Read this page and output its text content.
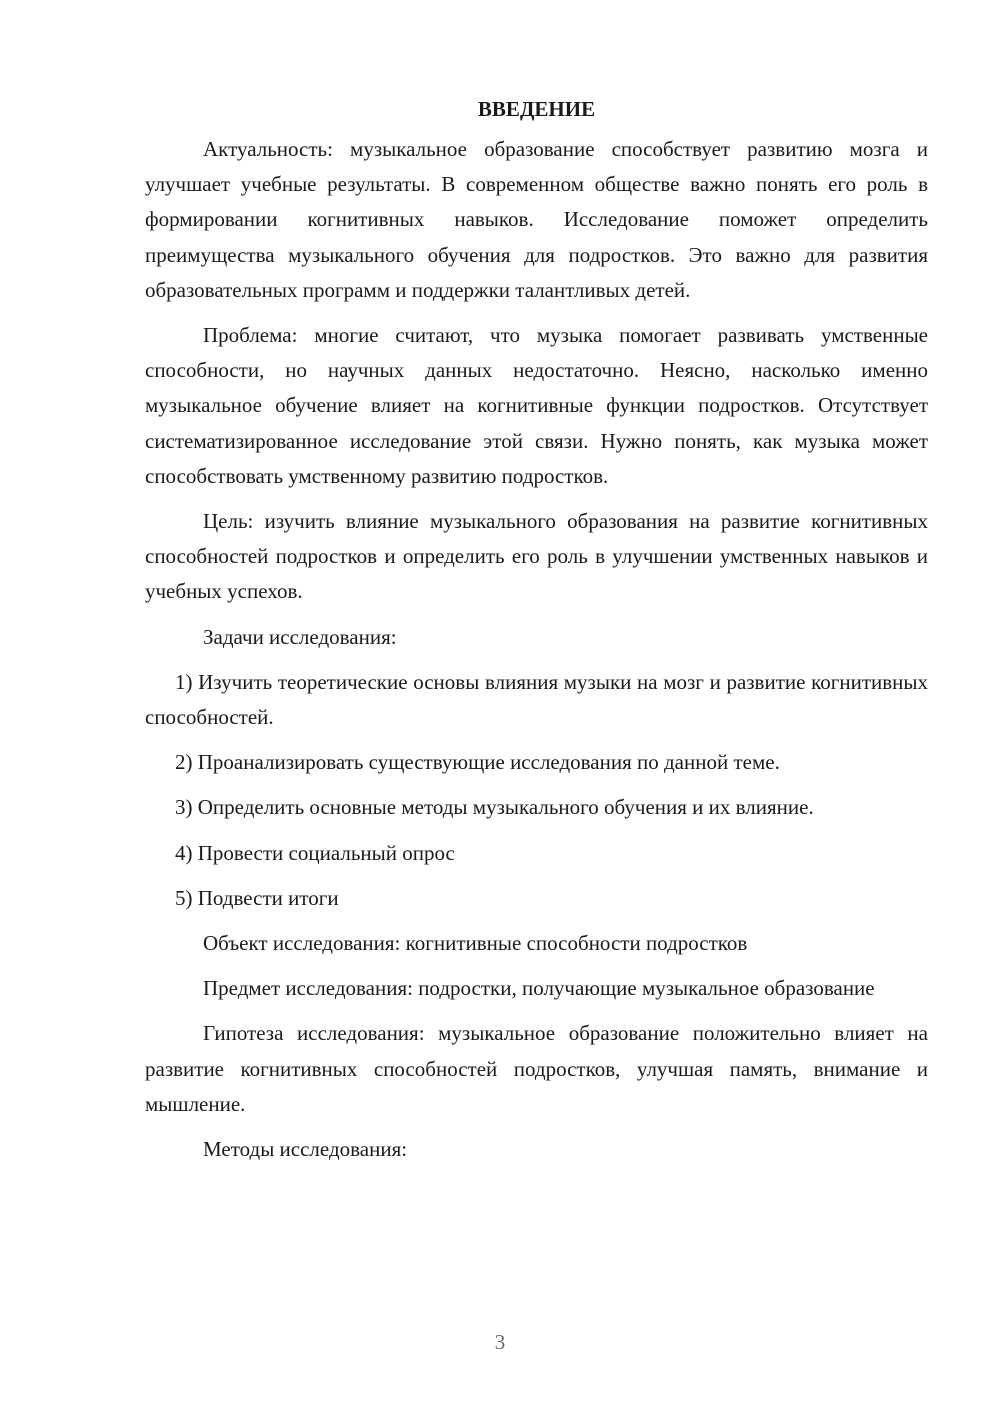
ВВЕДЕНИЕ

Актуальность: музыкальное образование способствует развитию мозга и улучшает учебные результаты. В современном обществе важно понять его роль в формировании когнитивных навыков. Исследование поможет определить преимущества музыкального обучения для подростков. Это важно для развития образовательных программ и поддержки талантливых детей.

Проблема: многие считают, что музыка помогает развивать умственные способности, но научных данных недостаточно. Неясно, насколько именно музыкальное обучение влияет на когнитивные функции подростков. Отсутствует систематизированное исследование этой связи. Нужно понять, как музыка может способствовать умственному развитию подростков.

Цель: изучить влияние музыкального образования на развитие когнитивных способностей подростков и определить его роль в улучшении умственных навыков и учебных успехов.

Задачи исследования:

1) Изучить теоретические основы влияния музыки на мозг и развитие когнитивных способностей.

2) Проанализировать существующие исследования по данной теме.

3) Определить основные методы музыкального обучения и их влияние.

4) Провести социальный опрос

5) Подвести итоги

Объект исследования: когнитивные способности подростков

Предмет исследования: подростки, получающие музыкальное образование

Гипотеза исследования: музыкальное образование положительно влияет на развитие когнитивных способностей подростков, улучшая память, внимание и мышление.

Методы исследования:

3
